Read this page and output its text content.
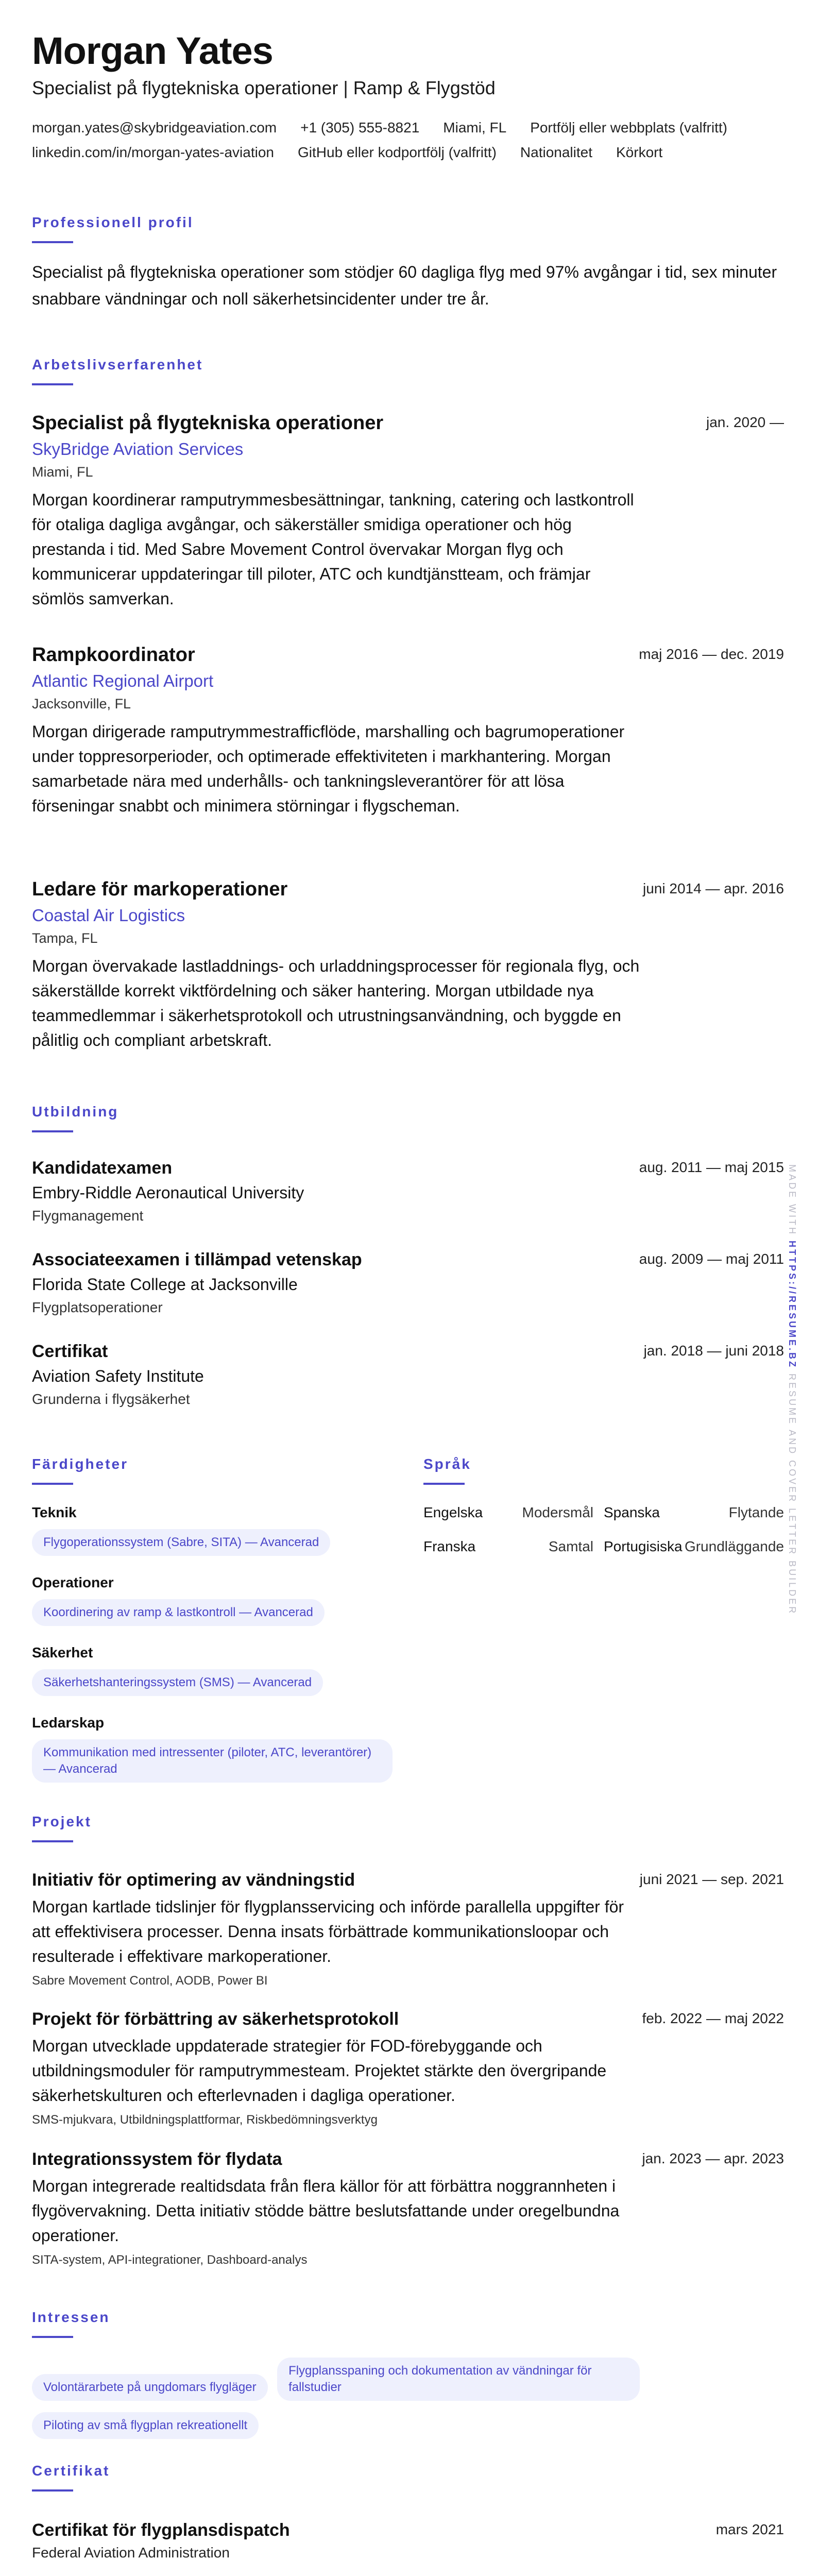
Morgan Yates

Specialist på flygtekniska operationer | Ramp & Flygstöd

morgan.yates@skybridgeaviation.com +1 (305) 555-8821 Miami, FL Portfölj eller webbplats (valfritt)
linkedin.com/in/morgan-yates-aviation GitHub eller kodportfölj (valfritt) Nationalitet Körkort
Professionell profil

Specialist på flygtekniska operationer som stödjer 60 dagliga flyg med 97% avgångar i tid, sex minuter snabbare vändningar och noll säkerhetsincidenter under tre år.

Arbetslivserfarenhet

Specialist på flygtekniska operationer	jan. 2020 —
SkyBridge Aviation Services
Miami, FL
Morgan koordinerar ramputrymmesbesättningar, tankning, catering och lastkontroll för otaliga dagliga avgångar, och säkerställer smidiga operationer och hög prestanda i tid. Med Sabre Movement Control övervakar Morgan flyg och kommunicerar uppdateringar till piloter, ATC och kundtjänstteam, och främjar sömlös samverkan.

Rampkoordinator	maj 2016 — dec. 2019
Atlantic Regional Airport
Jacksonville, FL
Morgan dirigerade ramputrymmestrafficflöde, marshalling och bagrumoperationer under toppresorperioder, och optimerade effektiviteten i markhantering. Morgan samarbetade nära med underhålls- och tankningsleverantörer för att lösa förseningar snabbt och minimera störningar i flygscheman.

Ledare för markoperationer	juni 2014 — apr. 2016
Coastal Air Logistics
Tampa, FL
Morgan övervakade lastladdnings- och urladdningsprocesser för regionala flyg, och säkerställde korrekt viktfördelning och säker hantering. Morgan utbildade nya teammedlemmar i säkerhetsprotokoll och utrustningsanvändning, och byggde en pålitlig och compliant arbetskraft.
Utbildning

Kandidatexamen	aug. 2011 — maj 2015
Embry-Riddle Aeronautical University
Flygmanagement

Associateexamen i tillämpad vetenskap	aug. 2009 — maj 2011
Florida State College at Jacksonville
Flygplatsoperationer

Certifikat	jan. 2018 — juni 2018
Aviation Safety Institute
Grunderna i flygsäkerhet
Färdigheter
Teknik
Flygoperationssystem (Sabre, SITA) — Avancerad
Operationer
Koordinering av ramp & lastkontroll — Avancerad
Säkerhet
Säkerhetshanteringssystem (SMS) — Avancerad
Ledarskap
Kommunikation med intressenter (piloter, ATC, leverantörer) — Avancerad
Språk
Engelska	Modersmål Spanska	Flytande
Franska	Samtal Portugisiska Grundläggande
Projekt

Initiativ för optimering av vändningstid	juni 2021 — sep. 2021
Morgan kartlade tidslinjer för flygplansservicing och införde parallella uppgifter för att effektivisera processer. Denna insats förbättrade kommunikationsloopar och resulterade i effektivare markoperationer.
Sabre Movement Control, AODB, Power BI

Projekt för förbättring av säkerhetsprotokoll	feb. 2022 — maj 2022
Morgan utvecklade uppdaterade strategier för FOD-förebyggande och utbildningsmoduler för ramputrymmesteam. Projektet stärkte den övergripande säkerhetskulturen och efterlevnaden i dagliga operationer.
SMS-mjukvara, Utbildningsplattformar, Riskbedömningsverktyg

Integrationssystem för flydata	jan. 2023 — apr. 2023
Morgan integrerade realtidsdata från flera källor för att förbättra noggrannheten i flygövervakning. Detta initiativ stödde bättre beslutsfattande under oregelbundna operationer.
SITA-system, API-integrationer, Dashboard-analys
Intressen
Volontärarbete på ungdomars flygläger Flygplansspaning och dokumentation av vändningar för fallstudier
Piloting av små flygplan rekreationellt
Certifikat

Certifikat för flygplansdispatch	mars 2021
Federal Aviation Administration

MADE WITH HTTPS://RESUME.BZ RESUME AND COVER LETTER BUILDER
